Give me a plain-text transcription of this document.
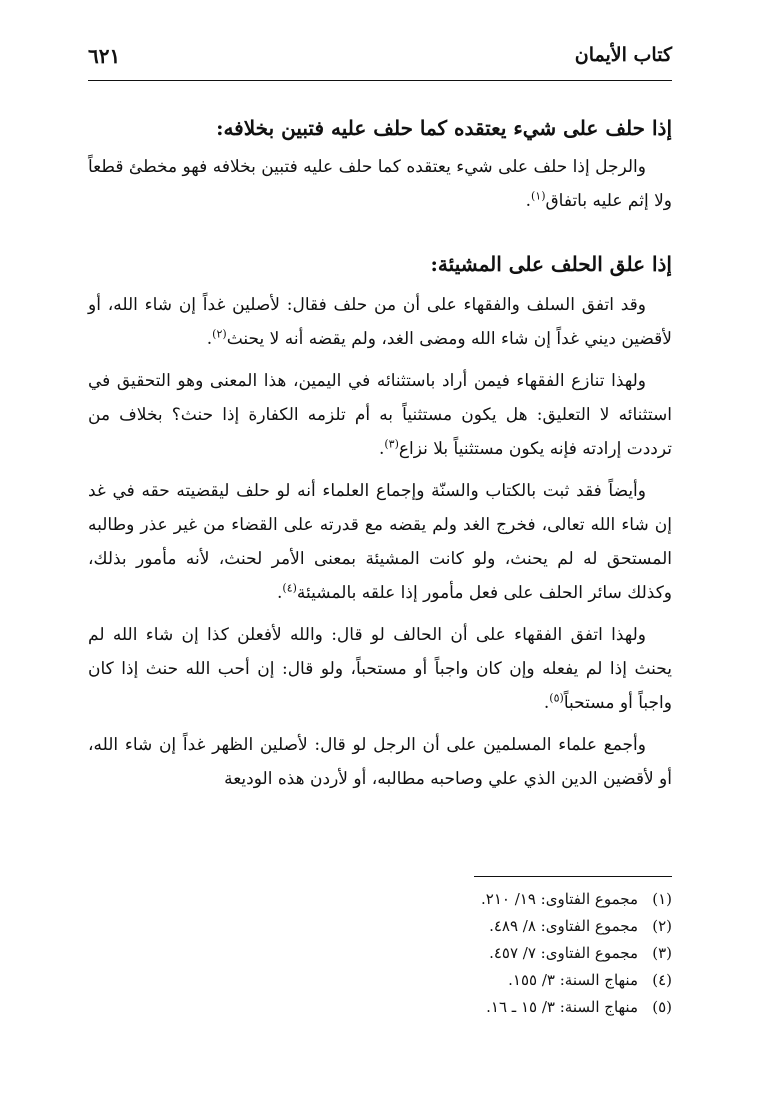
كتاب الأيمان
٦٢١
إذا حلف على شيء يعتقده كما حلف عليه فتبين بخلافه:

والرجل إذا حلف على شيء يعتقده كما حلف عليه فتبين بخلافه فهو مخطئ قطعاً ولا إثم عليه باتفاق$^{(١)}$.

إذا علق الحلف على المشيئة:

وقد اتفق السلف والفقهاء على أن من حلف فقال: لأصلين غداً إن شاء الله، أو لأقضين ديني غداً إن شاء الله ومضى الغد، ولم يقضه أنه لا يحنث$^{(٢)}$.

ولهذا تنازع الفقهاء فيمن أراد باستثنائه في اليمين، هذا المعنى وهو التحقيق في استثنائه لا التعليق: هل يكون مستثنياً به أم تلزمه الكفارة إذا حنث؟ بخلاف من ترددت إرادته فإنه يكون مستثنياً بلا نزاع$^{(٣)}$.

وأيضاً فقد ثبت بالكتاب والسنّة وإجماع العلماء أنه لو حلف ليقضيته حقه في غد إن شاء الله تعالى، فخرج الغد ولم يقضه مع قدرته على القضاء من غير عذر وطالبه المستحق له لم يحنث، ولو كانت المشيئة بمعنى الأمر لحنث، لأنه مأمور بذلك، وكذلك سائر الحلف على فعل مأمور إذا علقه بالمشيئة$^{(٤)}$.

ولهذا اتفق الفقهاء على أن الحالف لو قال: والله لأفعلن كذا إن شاء الله لم يحنث إذا لم يفعله وإن كان واجباً أو مستحباً، ولو قال: إن أحب الله حنث إذا كان واجباً أو مستحباً$^{(٥)}$.

وأجمع علماء المسلمين على أن الرجل لو قال: لأصلين الظهر غداً إن شاء الله، أو لأقضين الدين الذي علي وصاحبه مطالبه، أو لأردن هذه الوديعة

(١)مجموع الفتاوى: ١٩/ ٢١٠.
(٢)مجموع الفتاوى: ٨/ ٤٨٩.
(٣)مجموع الفتاوى: ٧/ ٤٥٧.
(٤)منهاج السنة: ٣/ ١٥٥.
(٥)منهاج السنة: ٣/ ١٥ ـ ١٦.
